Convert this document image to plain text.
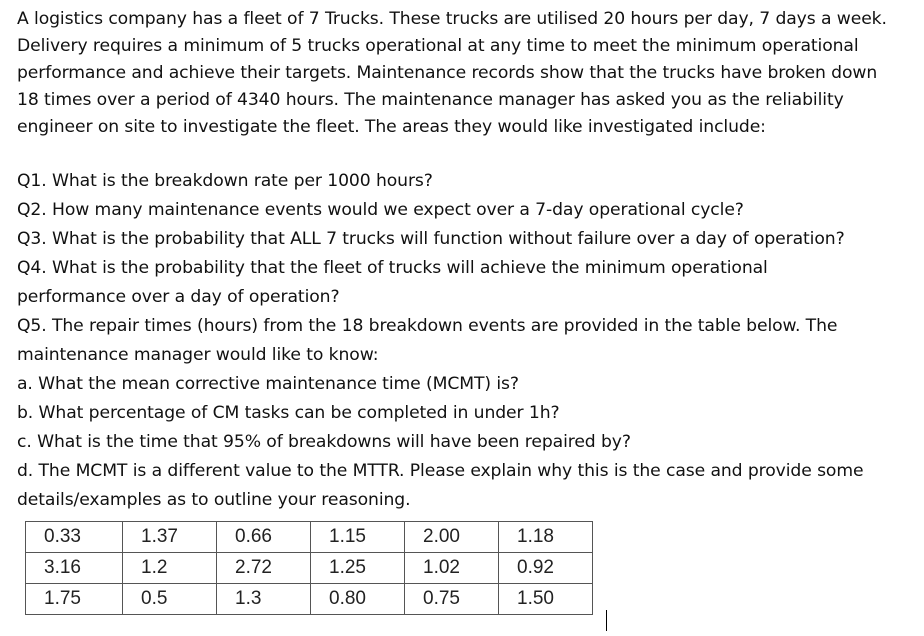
A logistics company has a fleet of 7 Trucks. These trucks are utilised 20 hours per day, 7 days a week.
Delivery requires a minimum of 5 trucks operational at any time to meet the minimum operational
performance and achieve their targets. Maintenance records show that the trucks have broken down
18 times over a period of 4340 hours. The maintenance manager has asked you as the reliability
engineer on site to investigate the fleet. The areas they would like investigated include:

Q1. What is the breakdown rate per 1000 hours?

Q2. How many maintenance events would we expect over a 7-day operational cycle?

Q3. What is the probability that ALL 7 trucks will function without failure over a day of operation?

Q4. What is the probability that the fleet of trucks will achieve the minimum operational

performance over a day of operation?

Q5. The repair times (hours) from the 18 breakdown events are provided in the table below. The

maintenance manager would like to know:

a. What the mean corrective maintenance time (MCMT) is?

b. What percentage of CM tasks can be completed in under 1h?

c. What is the time that 95% of breakdowns will have been repaired by?

d. The MCMT is a different value to the MTTR. Please explain why this is the case and provide some

details/examples as to outline your reasoning.

0.33	1.37	0.66	1.15	2.00	1.18
3.16	1.2	2.72	1.25	1.02	0.92
1.75	0.5	1.3	0.80	0.75	1.50
